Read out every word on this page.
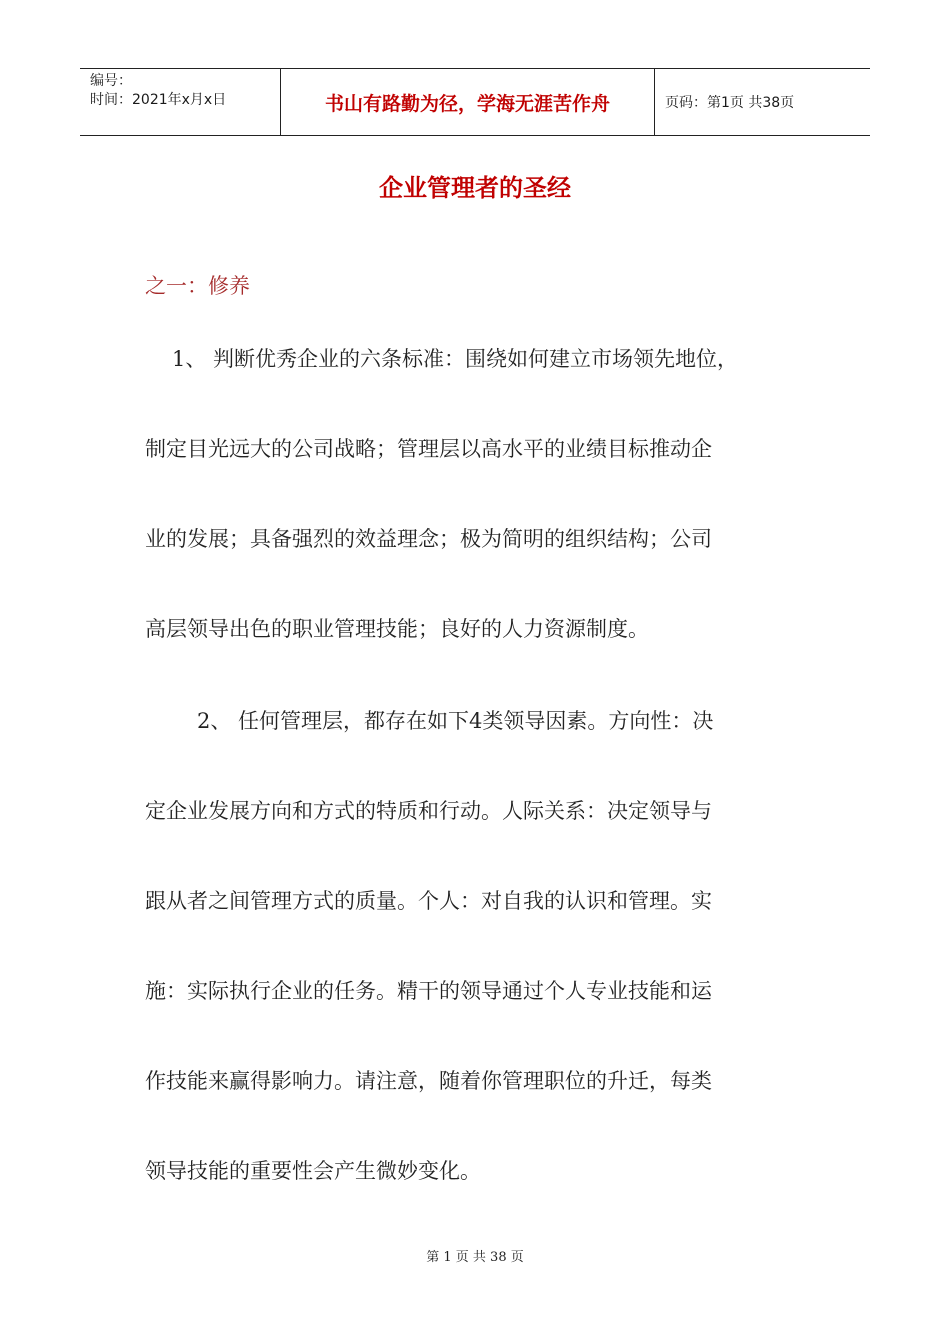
编号：
时间：2021年x月x日	书山有路勤为径，学海无涯苦作舟	页码：第1页 共38页
企业管理者的圣经
之一：修养
1、 判断优秀企业的六条标准：围绕如何建立市场领先地位，
制定目光远大的公司战略；管理层以高水平的业绩目标推动企
业的发展；具备强烈的效益理念；极为简明的组织结构；公司
高层领导出色的职业管理技能；良好的人力资源制度。
2、 任何管理层，都存在如下4类领导因素。方向性：决
定企业发展方向和方式的特质和行动。人际关系：决定领导与
跟从者之间管理方式的质量。个人：对自我的认识和管理。实
施：实际执行企业的任务。精干的领导通过个人专业技能和运
作技能来赢得影响力。请注意，随着你管理职位的升迁，每类
领导技能的重要性会产生微妙变化。
第 1 页 共 38 页
